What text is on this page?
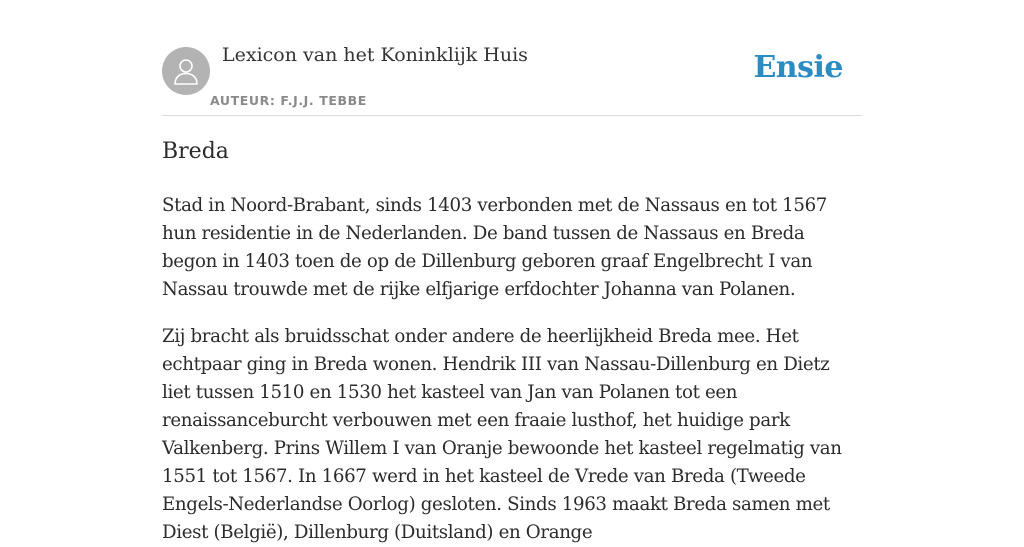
Lexicon van het Koninklijk Huis
AUTEUR: F.J.J. TEBBE
Ensie
Breda

Stad in Noord-Brabant, sinds 1403 verbonden met de Nassaus en tot 1567 hun residentie in de Nederlanden. De band tussen de Nassaus en Breda begon in 1403 toen de op de Dillenburg geboren graaf Engelbrecht I van Nassau trouwde met de rijke elfjarige erfdochter Johanna van Polanen.

Zij bracht als bruidsschat onder andere de heerlijkheid Breda mee. Het echtpaar ging in Breda wonen. Hendrik III van Nassau-Dillenburg en Dietz liet tussen 1510 en 1530 het kasteel van Jan van Polanen tot een renaissanceburcht verbouwen met een fraaie lusthof, het huidige park Valkenberg. Prins Willem I van Oranje bewoonde het kasteel regelmatig van 1551 tot 1567. In 1667 werd in het kasteel de Vrede van Breda (Tweede Engels-Nederlandse Oorlog) gesloten. Sinds 1963 maakt Breda samen met Diest (België), Dillenburg (Duitsland) en Orange
